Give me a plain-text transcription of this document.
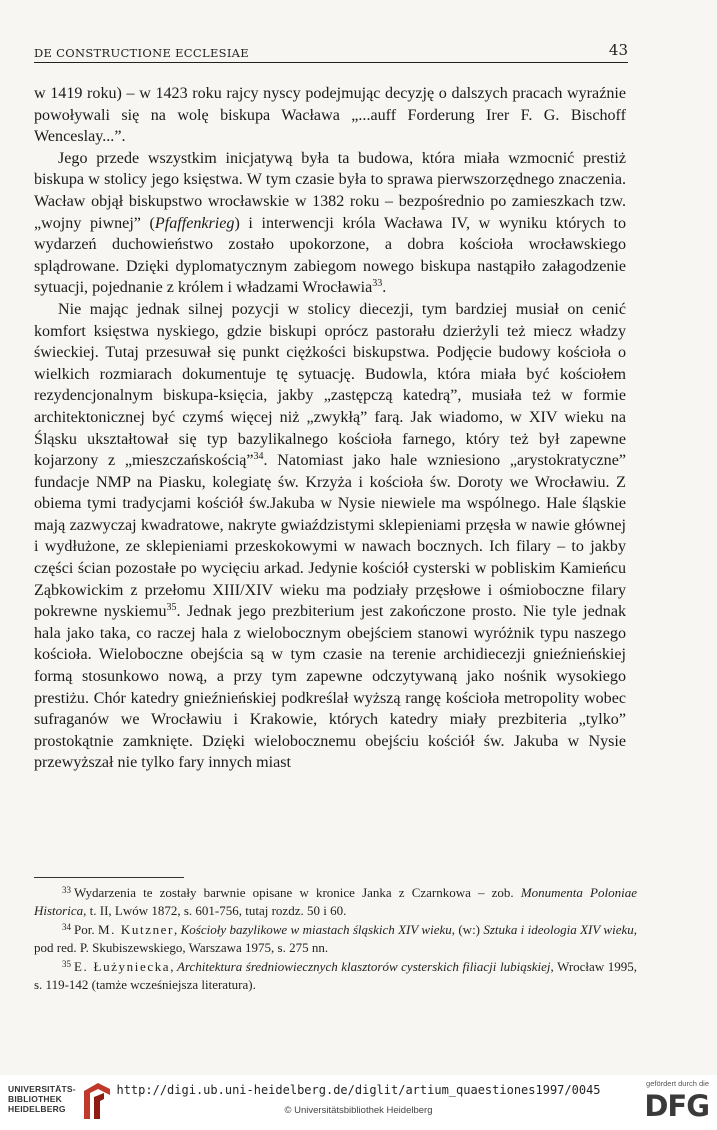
DE CONSTRUCTIONE ECCLESIAE	43

w 1419 roku) – w 1423 roku rajcy nyscy podejmując decyzję o dalszych pracach wyraźnie powoływali się na wolę biskupa Wacława „...auff Forderung Irer F. G. Bischoff Wenceslay...”.

Jego przede wszystkim inicjatywą była ta budowa, która miała wzmocnić prestiż biskupa w stolicy jego księstwa. W tym czasie była to sprawa pierwszorzędnego znaczenia. Wacław objął biskupstwo wrocławskie w 1382 roku – bezpośrednio po zamieszkach tzw. „wojny piwnej” (Pfaffenkrieg) i interwencji króla Wacława IV, w wyniku których to wydarzeń duchowieństwo zostało upokorzone, a dobra kościoła wrocławskiego splądrowane. Dzięki dyplomatycznym zabiegom nowego biskupa nastąpiło załagodzenie sytuacji, pojednanie z królem i władzami Wrocławia$^{33}$.

Nie mając jednak silnej pozycji w stolicy diecezji, tym bardziej musiał on cenić komfort księstwa nyskiego, gdzie biskupi oprócz pastorału dzierżyli też miecz władzy świeckiej. Tutaj przesuwał się punkt ciężkości biskupstwa. Podjęcie budowy kościoła o wielkich rozmiarach dokumentuje tę sytuację. Budowla, która miała być kościołem rezydencjonalnym biskupa-księcia, jakby „zastępczą katedrą”, musiała też w formie architektonicznej być czymś więcej niż „zwykłą” farą. Jak wiadomo, w XIV wieku na Śląsku ukształtował się typ bazylikalnego kościoła farnego, który też był zapewne kojarzony z „mieszczańskością”$^{34}$. Natomiast jako hale wzniesiono „arystokratyczne” fundacje NMP na Piasku, kolegiatę św. Krzyża i kościoła św. Doroty we Wrocławiu. Z obiema tymi tradycjami kościół św.Jakuba w Nysie niewiele ma wspólnego. Hale śląskie mają zazwyczaj kwadratowe, nakryte gwiaździstymi sklepieniami przęsła w nawie głównej i wydłużone, ze sklepieniami przeskokowymi w nawach bocznych. Ich filary – to jakby części ścian pozostałe po wycięciu arkad. Jedynie kościół cysterski w pobliskim Kamieńcu Ząbkowickim z przełomu XIII/XIV wieku ma podziały przęsłowe i ośmioboczne filary pokrewne nyskiemu$^{35}$. Jednak jego prezbiterium jest zakończone prosto. Nie tyle jednak hala jako taka, co raczej hala z wielobocznym obejściem stanowi wyróżnik typu naszego kościoła. Wieloboczne obejścia są w tym czasie na terenie archidiecezji gnieźnieńskiej formą stosunkowo nową, a przy tym zapewne odczytywaną jako nośnik wysokiego prestiżu. Chór katedry gnieźnieńskiej podkreślał wyższą rangę kościoła metropolity wobec sufraganów we Wrocławiu i Krakowie, których katedry miały prezbiteria „tylko” prostokątnie zamknięte. Dzięki wielobocznemu obejściu kościół św. Jakuba w Nysie przewyższał nie tylko fary innych miast

$^{33}$ Wydarzenia te zostały barwnie opisane w kronice Janka z Czarnkowa – zob. Monumenta Poloniae Historica, t. II, Lwów 1872, s. 601-756, tutaj rozdz. 50 i 60.

$^{34}$ Por. M. Kutzner, Kościoły bazylikowe w miastach śląskich XIV wieku, (w:) Sztuka i ideologia XIV wieku, pod red. P. Skubiszewskiego, Warszawa 1975, s. 275 nn.

$^{35}$ E. Łużyniecka, Architektura średniowiecznych klasztorów cysterskich filiacji lubiąskiej, Wrocław 1995, s. 119-142 (tamże wcześniejsza literatura).

UNIVERSITÄTS-BIBLIOTHEK HEIDELBERG
http://digi.ub.uni-heidelberg.de/diglit/artium_quaestiones1997/0045
© Universitätsbibliothek Heidelberg
gefördert durch die
DFG
